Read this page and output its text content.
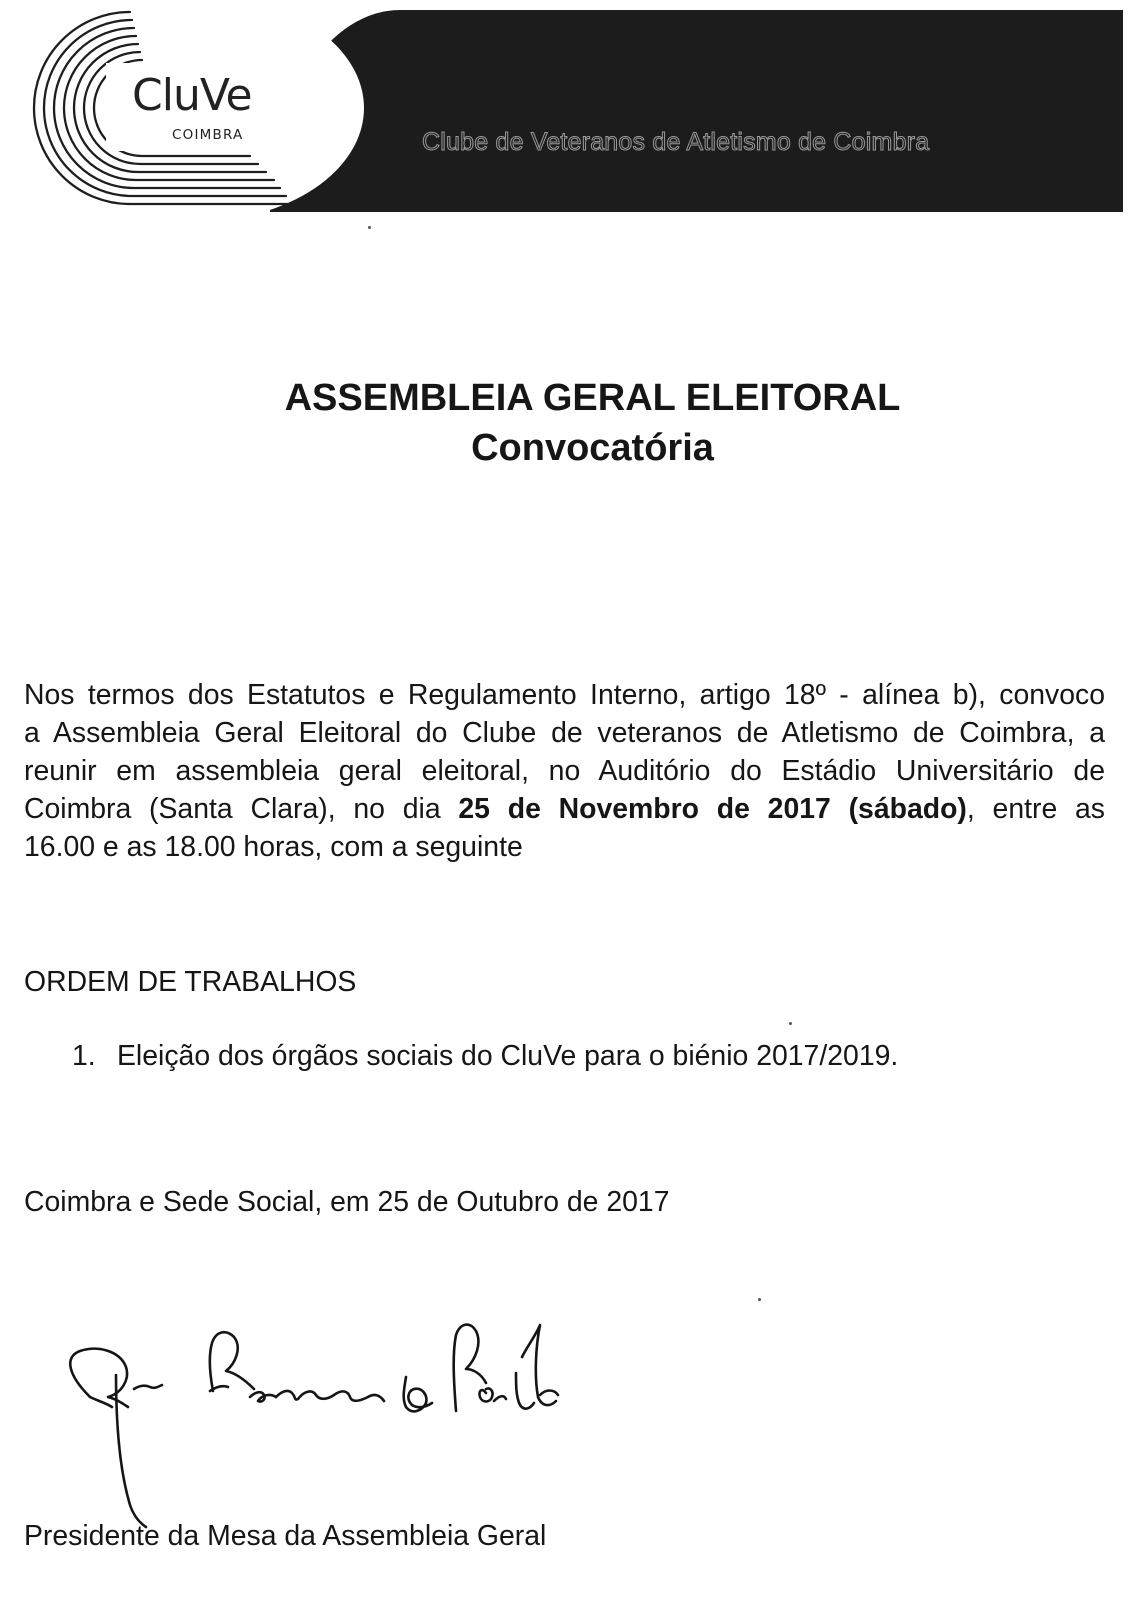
Clube de Veteranos de Atletismo de Coimbra
CluVe
COIMBRA
ASSEMBLEIA GERAL ELEITORAL
Convocatória
Nos termos dos Estatutos e Regulamento Interno, artigo 18º - alínea b), convoco
a Assembleia Geral Eleitoral do Clube de veteranos de Atletismo de Coimbra, a
reunir em assembleia geral eleitoral, no Auditório do Estádio Universitário de
Coimbra (Santa Clara), no dia 25 de Novembro de 2017 (sábado), entre as
16.00 e as 18.00 horas, com a seguinte
ORDEM DE TRABALHOS
1. Eleição dos órgãos sociais do CluVe para o biénio 2017/2019.
Coimbra e Sede Social, em 25 de Outubro de 2017
Presidente da Mesa da Assembleia Geral
